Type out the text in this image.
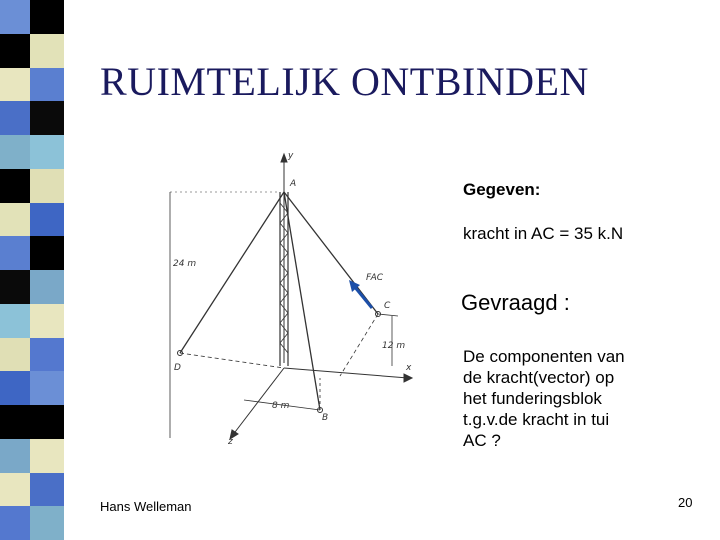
RUIMTELIJK ONTBINDEN
y
x
z
A
C
B
D
24 m
12 m
8 m
FAC
Gegeven:
kracht in AC = 35 k.N
Gevraagd :
De componenten van
de kracht(vector) op
het funderingsblok
t.g.v.de kracht in tui
AC ?
Hans Welleman	20
